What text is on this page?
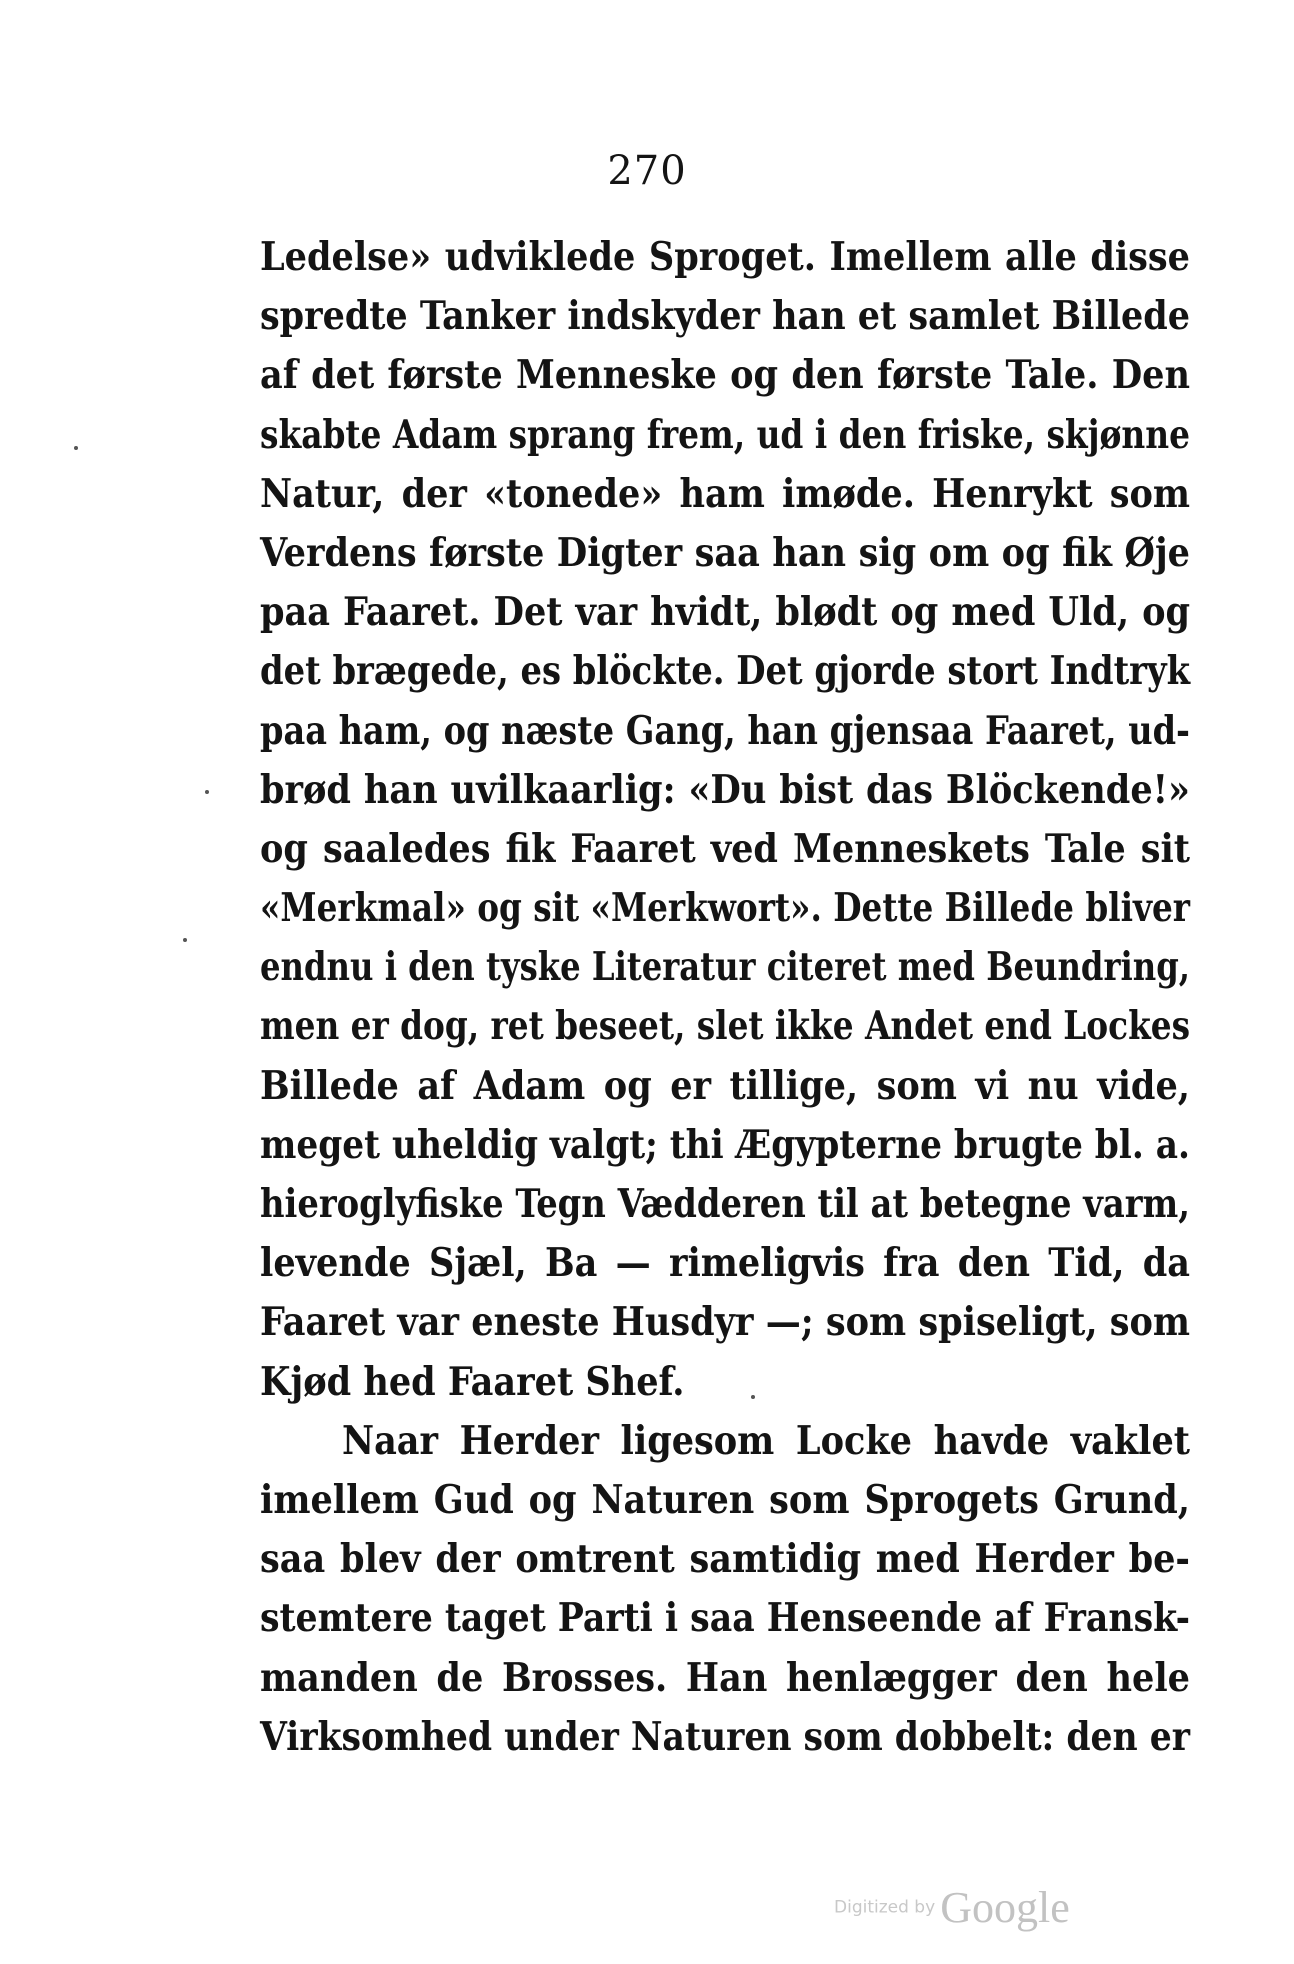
270
Ledelse» udviklede Sproget. Imellem alle disse
spredte Tanker indskyder han et samlet Billede
af det første Menneske og den første Tale. Den
skabte Adam sprang frem, ud i den friske, skjønne
Natur, der «tonede» ham imøde. Henrykt som
Verdens første Digter saa han sig om og fik Øje
paa Faaret. Det var hvidt, blødt og med Uld, og
det brægede, es blöckte. Det gjorde stort Indtryk
paa ham, og næste Gang, han gjensaa Faaret, ud-
brød han uvilkaarlig: «Du bist das Blöckende!»
og saaledes fik Faaret ved Menneskets Tale sit
«Merkmal» og sit «Merkwort». Dette Billede bliver
endnu i den tyske Literatur citeret med Beundring,
men er dog, ret beseet, slet ikke Andet end Lockes
Billede af Adam og er tillige, som vi nu vide,
meget uheldig valgt; thi Ægypterne brugte bl. a.
hieroglyfiske Tegn Vædderen til at betegne varm,
levende Sjæl, Ba — rimeligvis fra den Tid, da
Faaret var eneste Husdyr —; som spiseligt, som
Kjød hed Faaret Shef.
Naar Herder ligesom Locke havde vaklet
imellem Gud og Naturen som Sprogets Grund,
saa blev der omtrent samtidig med Herder be-
stemtere taget Parti i saa Henseende af Fransk-
manden de Brosses. Han henlægger den hele
Virksomhed under Naturen som dobbelt: den er
Digitized by Google
